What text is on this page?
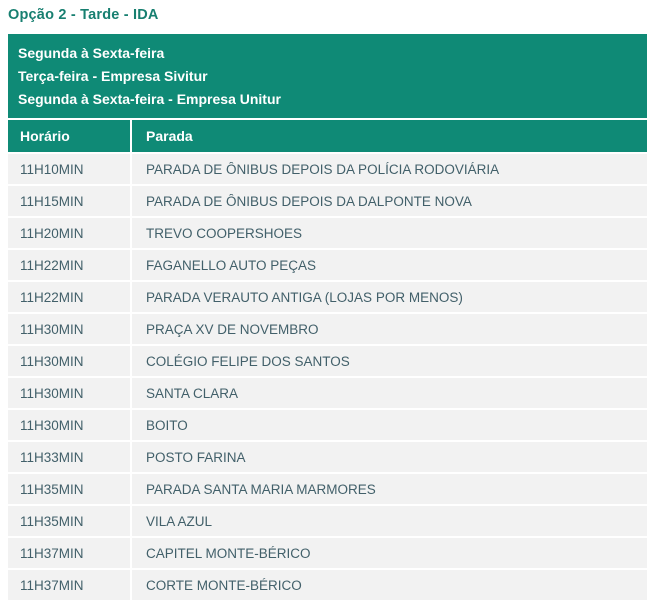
Opção 2 - Tarde - IDA
Segunda à Sexta-feira
Terça-feira - Empresa Sivitur
Segunda à Sexta-feira - Empresa Unitur
Horário	Parada
11H10MIN	PARADA DE ÔNIBUS DEPOIS DA POLÍCIA RODOVIÁRIA
11H15MIN	PARADA DE ÔNIBUS DEPOIS DA DALPONTE NOVA
11H20MIN	TREVO COOPERSHOES
11H22MIN	FAGANELLO AUTO PEÇAS
11H22MIN	PARADA VERAUTO ANTIGA (LOJAS POR MENOS)
11H30MIN	PRAÇA XV DE NOVEMBRO
11H30MIN	COLÉGIO FELIPE DOS SANTOS
11H30MIN	SANTA CLARA
11H30MIN	BOITO
11H33MIN	POSTO FARINA
11H35MIN	PARADA SANTA MARIA MARMORES
11H35MIN	VILA AZUL
11H37MIN	CAPITEL MONTE-BÉRICO
11H37MIN	CORTE MONTE-BÉRICO
